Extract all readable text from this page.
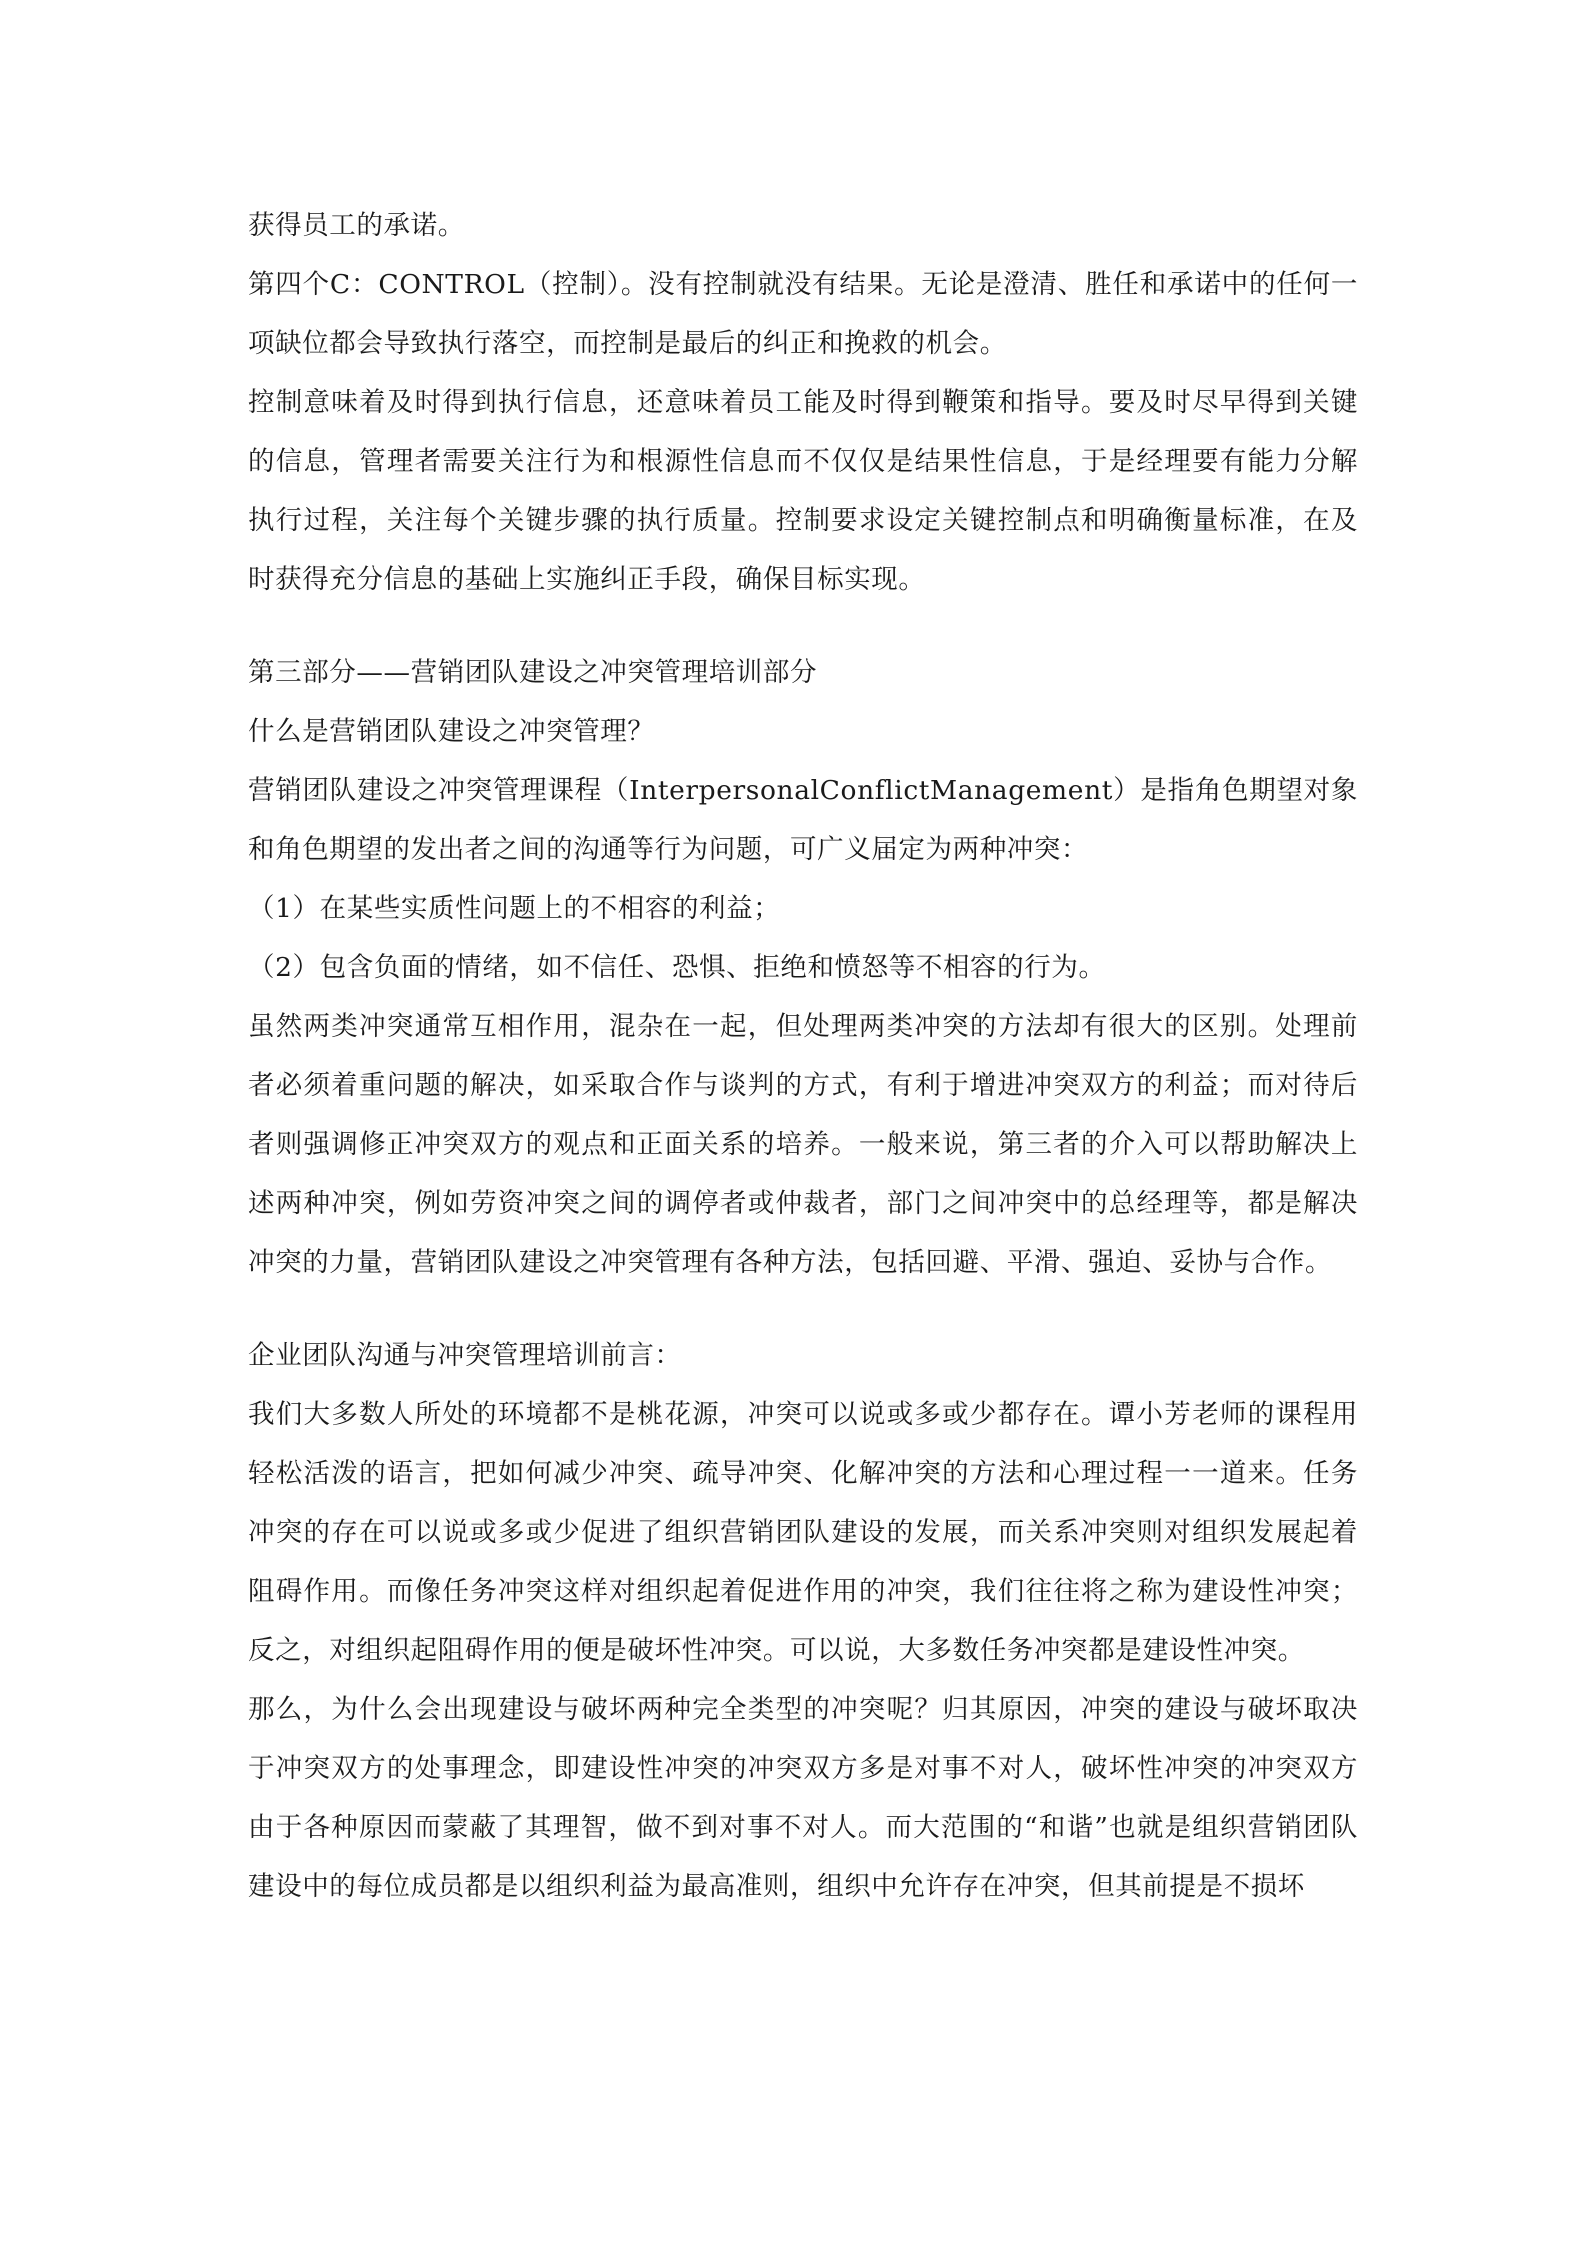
获得员工的承诺。

第四个C：CONTROL（控制）。没有控制就没有结果。无论是澄清、胜任和承诺中的任何一项缺位都会导致执行落空，而控制是最后的纠正和挽救的机会。

控制意味着及时得到执行信息，还意味着员工能及时得到鞭策和指导。要及时尽早得到关键的信息，管理者需要关注行为和根源性信息而不仅仅是结果性信息，于是经理要有能力分解执行过程，关注每个关键步骤的执行质量。控制要求设定关键控制点和明确衡量标准，在及时获得充分信息的基础上实施纠正手段，确保目标实现。

第三部分——营销团队建设之冲突管理培训部分

什么是营销团队建设之冲突管理？

营销团队建设之冲突管理课程（InterpersonalConflictManagement）是指角色期望对象和角色期望的发出者之间的沟通等行为问题，可广义届定为两种冲突：

（1）在某些实质性问题上的不相容的利益；

（2）包含负面的情绪，如不信任、恐惧、拒绝和愤怒等不相容的行为。

虽然两类冲突通常互相作用，混杂在一起，但处理两类冲突的方法却有很大的区别。处理前者必须着重问题的解决，如采取合作与谈判的方式，有利于增进冲突双方的利益；而对待后者则强调修正冲突双方的观点和正面关系的培养。一般来说，第三者的介入可以帮助解决上述两种冲突，例如劳资冲突之间的调停者或仲裁者，部门之间冲突中的总经理等，都是解决冲突的力量，营销团队建设之冲突管理有各种方法，包括回避、平滑、强迫、妥协与合作。

企业团队沟通与冲突管理培训前言：

我们大多数人所处的环境都不是桃花源，冲突可以说或多或少都存在。谭小芳老师的课程用轻松活泼的语言，把如何减少冲突、疏导冲突、化解冲突的方法和心理过程一一道来。任务冲突的存在可以说或多或少促进了组织营销团队建设的发展，而关系冲突则对组织发展起着阻碍作用。而像任务冲突这样对组织起着促进作用的冲突，我们往往将之称为建设性冲突；反之，对组织起阻碍作用的便是破坏性冲突。可以说，大多数任务冲突都是建设性冲突。

那么，为什么会出现建设与破坏两种完全类型的冲突呢？归其原因，冲突的建设与破坏取决于冲突双方的处事理念，即建设性冲突的冲突双方多是对事不对人，破坏性冲突的冲突双方由于各种原因而蒙蔽了其理智，做不到对事不对人。而大范围的“和谐”也就是组织营销团队建设中的每位成员都是以组织利益为最高准则，组织中允许存在冲突，但其前提是不损坏
